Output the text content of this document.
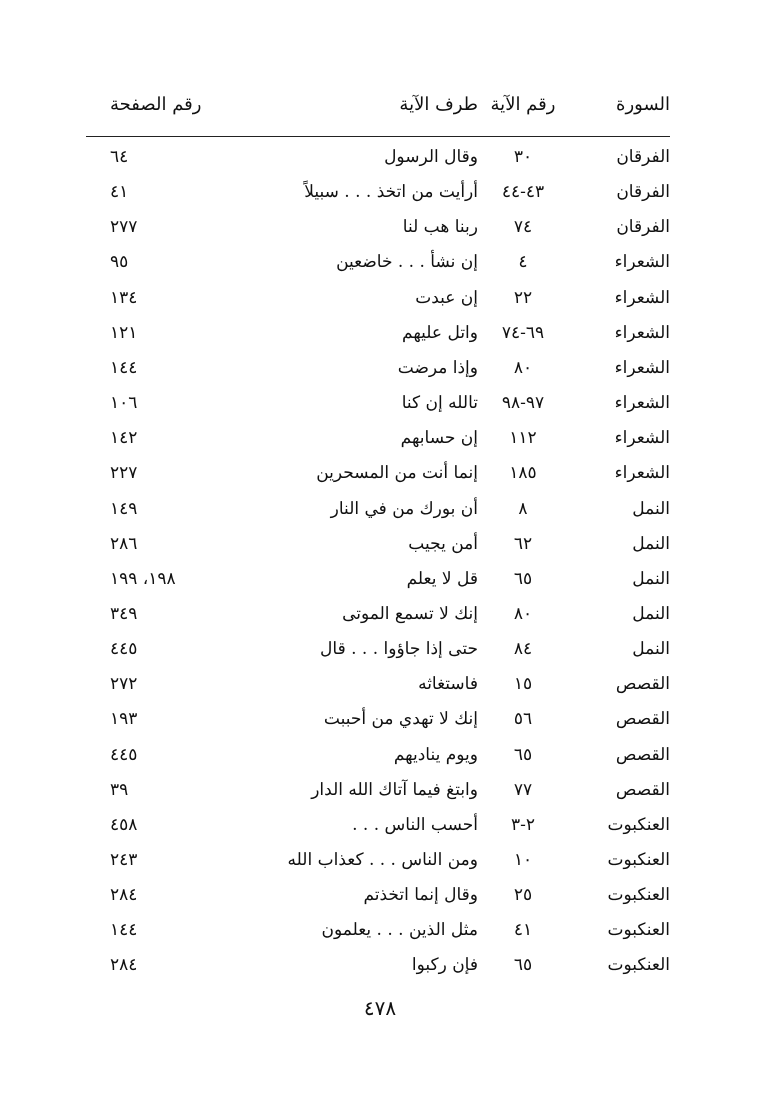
السورة
رقم الآية
طرف الآية
رقم الصفحة
الفرقان
٣٠
وقال الرسول
٦٤
الفرقان
٤٣-٤٤
أرأيت من اتخذ . . . سبيلاً
٤١
الفرقان
٧٤
ربنا هب لنا
٢٧٧
الشعراء
٤
إن نشأ . . . خاضعين
٩٥
الشعراء
٢٢
إن عبدت
١٣٤
الشعراء
٦٩-٧٤
واتل عليهم
١٢١
الشعراء
٨٠
وإذا مرضت
١٤٤
الشعراء
٩٧-٩٨
تالله إن كنا
١٠٦
الشعراء
١١٢
إن حسابهم
١٤٢
الشعراء
١٨٥
إنما أنت من المسحرين
٢٢٧
النمل
٨
أن بورك من في النار
١٤٩
النمل
٦٢
أمن يجيب
٢٨٦
النمل
٦٥
قل لا يعلم
١٩٨، ١٩٩
النمل
٨٠
إنك لا تسمع الموتى
٣٤٩
النمل
٨٤
حتى إذا جاؤوا . . . قال
٤٤٥
القصص
١٥
فاستغاثه
٢٧٢
القصص
٥٦
إنك لا تهدي من أحببت
١٩٣
القصص
٦٥
ويوم يناديهم
٤٤٥
القصص
٧٧
وابتغ فيما آتاك الله الدار
٣٩
العنكبوت
٢-٣
أحسب الناس . . .
٤٥٨
العنكبوت
١٠
ومن الناس . . . كعذاب الله
٢٤٣
العنكبوت
٢٥
وقال إنما اتخذتم
٢٨٤
العنكبوت
٤١
مثل الذين . . . يعلمون
١٤٤
العنكبوت
٦٥
فإن ركبوا
٢٨٤
٤٧٨
